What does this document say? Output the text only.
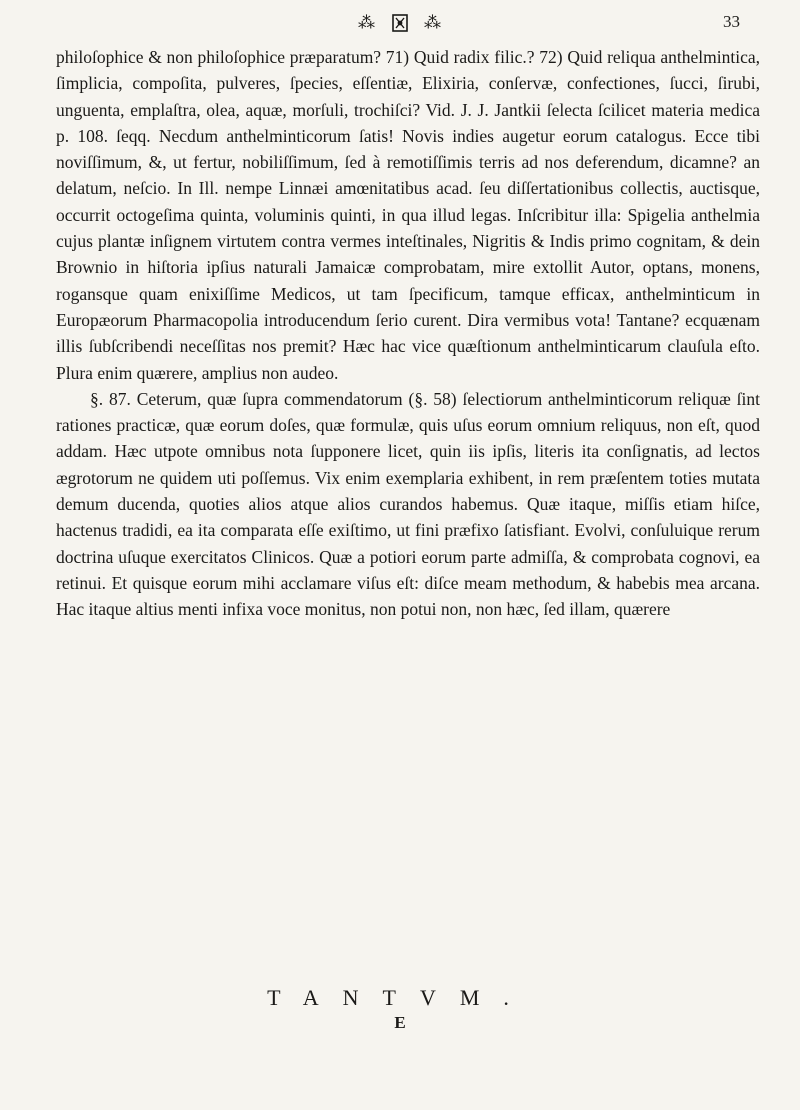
⁂	⁂	33

philoſophice & non philoſophice præparatum? 71) Quid radix filic.? 72) Quid reliqua anthelmintica, ſimplicia, compoſita, pulveres, ſpecies, eſſentiæ, Elixiria, conſervæ, confectiones, ſucci, ſirubi, unguenta, emplaſtra, olea, aquæ, morſuli, trochiſci? Vid. J. J. Jantkii ſelecta ſcilicet materia medica p. 108. ſeqq. Necdum anthelminticorum ſatis! Novis indies augetur eorum catalogus. Ecce tibi noviſſimum, &, ut fertur, nobiliſſimum, ſed à remotiſſimis terris ad nos deferendum, dicamne? an delatum, neſcio. In Ill. nempe Linnæi amœnitatibus acad. ſeu diſſertationibus collectis, auctisque, occurrit octogeſima quinta, voluminis quinti, in qua illud legas. Inſcribitur illa: Spigelia anthelmia cujus plantæ inſignem virtutem contra vermes inteſtinales, Nigritis & Indis primo cognitam, & dein Brownio in hiſtoria ipſius naturali Jamaicæ comprobatam, mire extollit Autor, optans, monens, rogansque quam enixiſſime Medicos, ut tam ſpecificum, tamque efficax, anthelminticum in Europæorum Pharmacopolia introducendum ſerio curent. Dira vermibus vota! Tantane? ecquænam illis ſubſcribendi neceſſitas nos premit? Hæc hac vice quæſtionum anthelminticarum clauſula eſto. Plura enim quærere, amplius non audeo.

§. 87. Ceterum, quæ ſupra commendatorum (§. 58) ſelectiorum anthelminticorum reliquæ ſint rationes practicæ, quæ eorum doſes, quæ formulæ, quis uſus eorum omnium reliquus, non eſt, quod addam. Hæc utpote omnibus nota ſupponere licet, quin iis ipſis, literis ita conſignatis, ad lectos ægrotorum ne quidem uti poſſemus. Vix enim exemplaria exhibent, in rem præſentem toties mutata demum ducenda, quoties alios atque alios curandos habemus. Quæ itaque, miſſis etiam hiſce, hactenus tradidi, ea ita comparata eſſe exiſtimo, ut fini præfixo ſatisfiant. Evolvi, conſuluique rerum doctrina uſuque exercitatos Clinicos. Quæ a potiori eorum parte admiſſa, & comprobata cognovi, ea retinui. Et quisque eorum mihi acclamare viſus eſt: diſce meam methodum, & habebis mea arcana. Hac itaque altius menti infixa voce monitus, non potui non, non hæc, ſed illam, quærere

TANTVM.
E
